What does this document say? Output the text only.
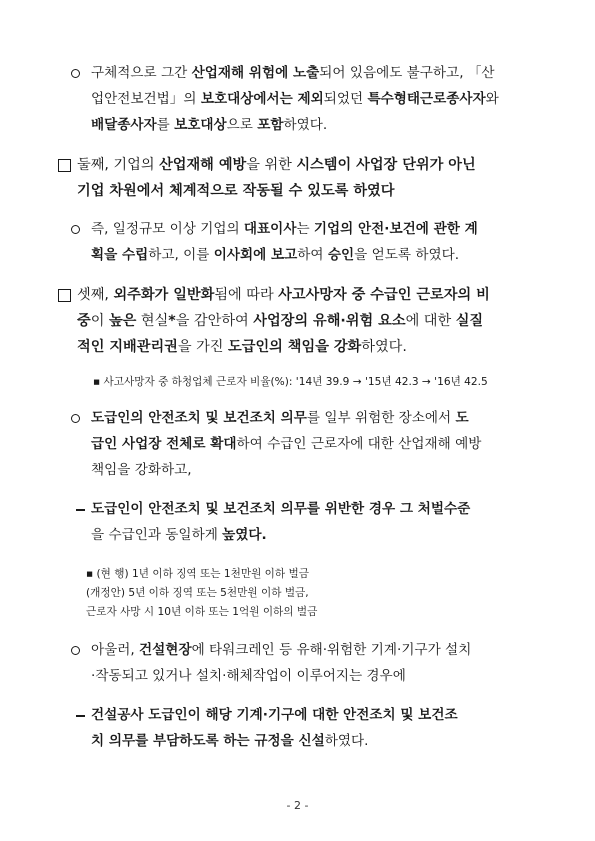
구체적으로 그간 산업재해 위험에 노출되어 있음에도 불구하고, 「산
업안전보건법」의 보호대상에서는 제외되었던 특수형태근로종사자와
배달종사자를 보호대상으로 포함하였다.
둘째, 기업의 산업재해 예방을 위한 시스템이 사업장 단위가 아닌
기업 차원에서 체계적으로 작동될 수 있도록 하였다
즉, 일정규모 이상 기업의 대표이사는 기업의 안전·보건에 관한 계
획을 수립하고, 이를 이사회에 보고하여 승인을 얻도록 하였다.
셋째, 외주화가 일반화됨에 따라 사고사망자 중 수급인 근로자의 비
중이 높은 현실*을 감안하여 사업장의 유해·위험 요소에 대한 실질
적인 지배관리권을 가진 도급인의 책임을 강화하였다.
▪ 사고사망자 중 하청업체 근로자 비율(%): '14년 39.9 → '15년 42.3 → '16년 42.5
도급인의 안전조치 및 보건조치 의무를 일부 위험한 장소에서 도
급인 사업장 전체로 확대하여 수급인 근로자에 대한 산업재해 예방
책임을 강화하고,
도급인이 안전조치 및 보건조치 의무를 위반한 경우 그 처벌수준
을 수급인과 동일하게 높였다.
▪ (현 행) 1년 이하 징역 또는 1천만원 이하 벌금
(개정안) 5년 이하 징역 또는 5천만원 이하 벌금,
근로자 사망 시 10년 이하 또는 1억원 이하의 벌금
아울러, 건설현장에 타워크레인 등 유해·위험한 기계·기구가 설치
·작동되고 있거나 설치·해체작업이 이루어지는 경우에
건설공사 도급인이 해당 기계·기구에 대한 안전조치 및 보건조
치 의무를 부담하도록 하는 규정을 신설하였다.
- 2 -
